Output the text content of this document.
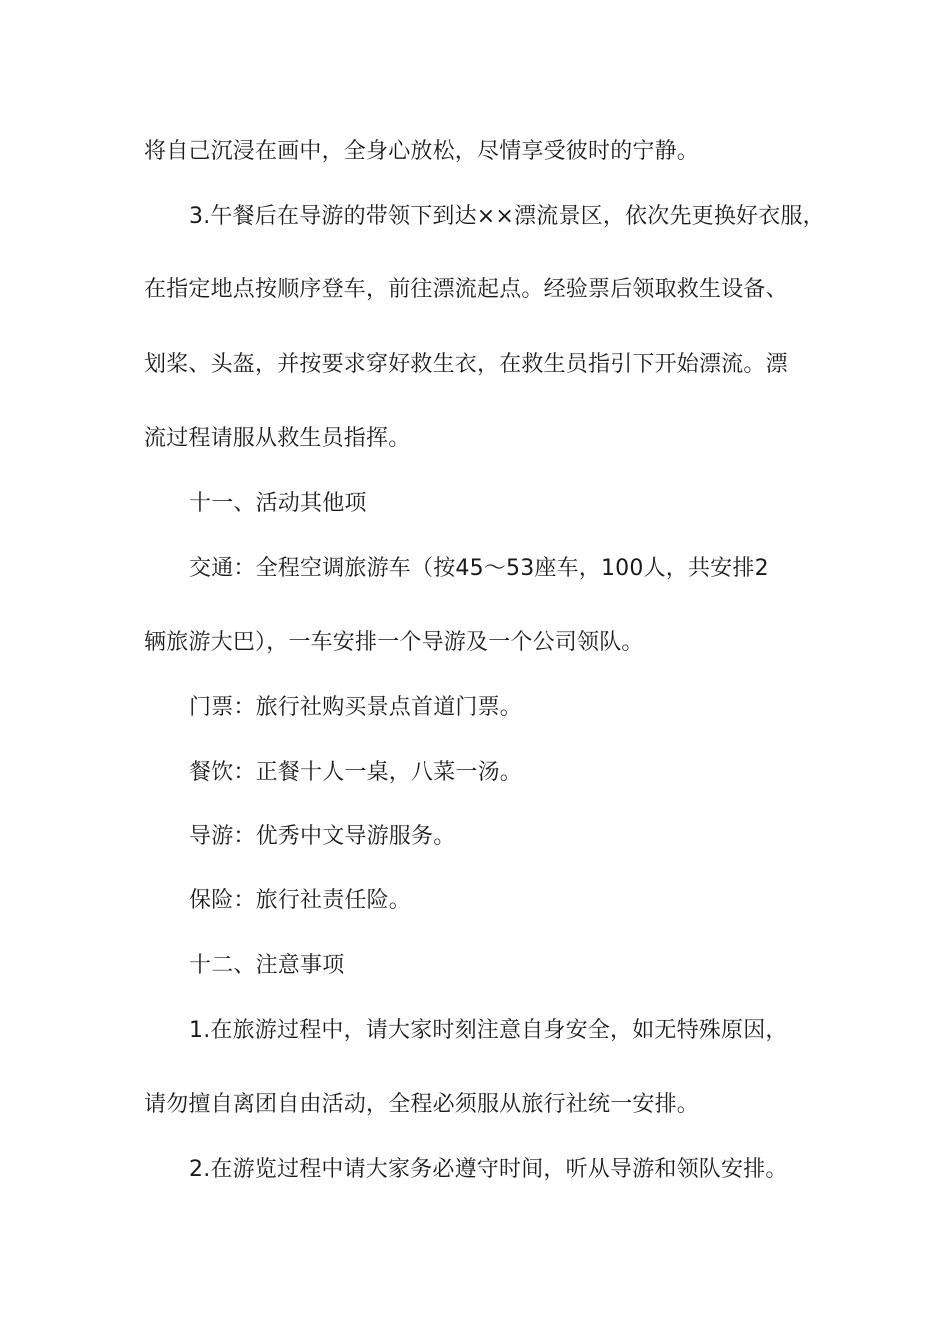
将自己沉浸在画中，全身心放松，尽情享受彼时的宁静。
3.午餐后在导游的带领下到达××漂流景区，依次先更换好衣服，
在指定地点按顺序登车，前往漂流起点。经验票后领取救生设备、
划桨、头盔，并按要求穿好救生衣，在救生员指引下开始漂流。漂
流过程请服从救生员指挥。
十一、活动其他项
交通：全程空调旅游车（按45～53座车，100人，共安排2
辆旅游大巴），一车安排一个导游及一个公司领队。
门票：旅行社购买景点首道门票。
餐饮：正餐十人一桌，八菜一汤。
导游：优秀中文导游服务。
保险：旅行社责任险。
十二、注意事项
1.在旅游过程中，请大家时刻注意自身安全，如无特殊原因，
请勿擅自离团自由活动，全程必须服从旅行社统一安排。
2.在游览过程中请大家务必遵守时间，听从导游和领队安排。
